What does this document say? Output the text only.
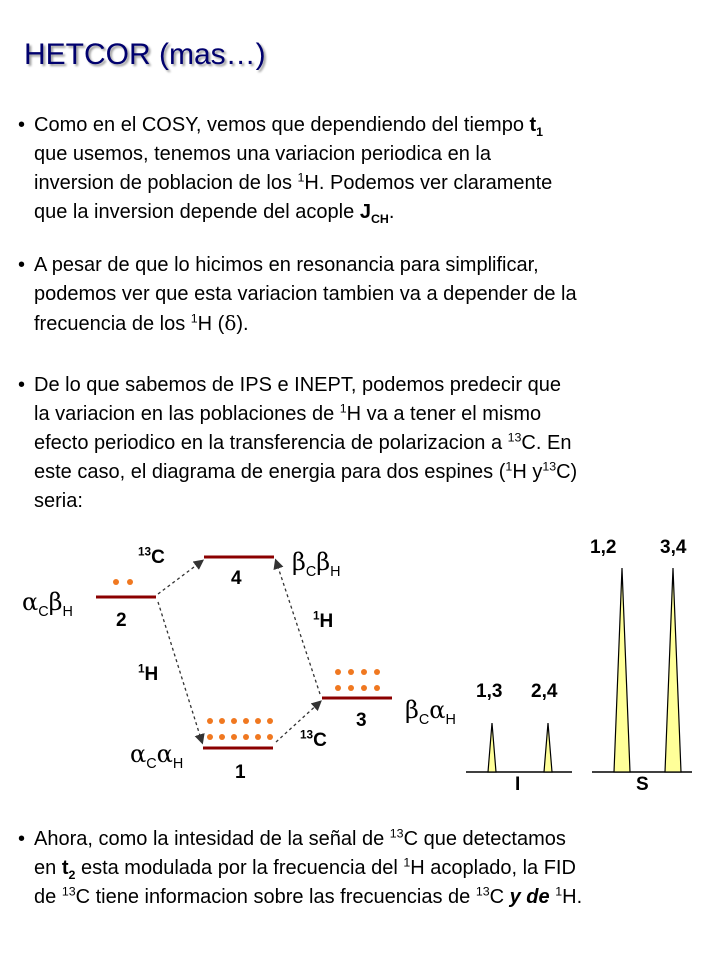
HETCOR (mas…)
• Como en el COSY, vemos que dependiendo del tiempo $t_1$
que usemos, tenemos una variacion periodica en la
inversion de poblacion de los $^1$H. Podemos ver claramente
que la inversion depende del acople $J_{CH}$.
• A pesar de que lo hicimos en resonancia para simplificar,
podemos ver que esta variacion tambien va a depender de la
frecuencia de los $^1$H (δ).
• De lo que sabemos de IPS e INEPT, podemos predecir que
la variacion en las poblaciones de $^1$H va a tener el mismo
efecto periodico en la transferencia de polarizacion a $^{13}$C. En
este caso, el diagrama de energia para dos espines ($^1$H $y^{13}C$)
seria:
• Ahora, como la intesidad de la señal de $^{13}$C que detectamos
en $t_2$ esta modulada por la frecuencia del $^1$H acoplado, la FID
de $^{13}$C tiene informacion sobre las frecuencias de $^{13}$C y de $^1$H.
2
4
1
3
$\alpha_C\beta_H$
$\beta_C\beta_H$
$\alpha_C\alpha_H$
$\beta_C\alpha_H$
$^{13}$C
$^1$H
$^1$H
$^{13}$C
1,3 2,4
1,2 3,4
I	S
